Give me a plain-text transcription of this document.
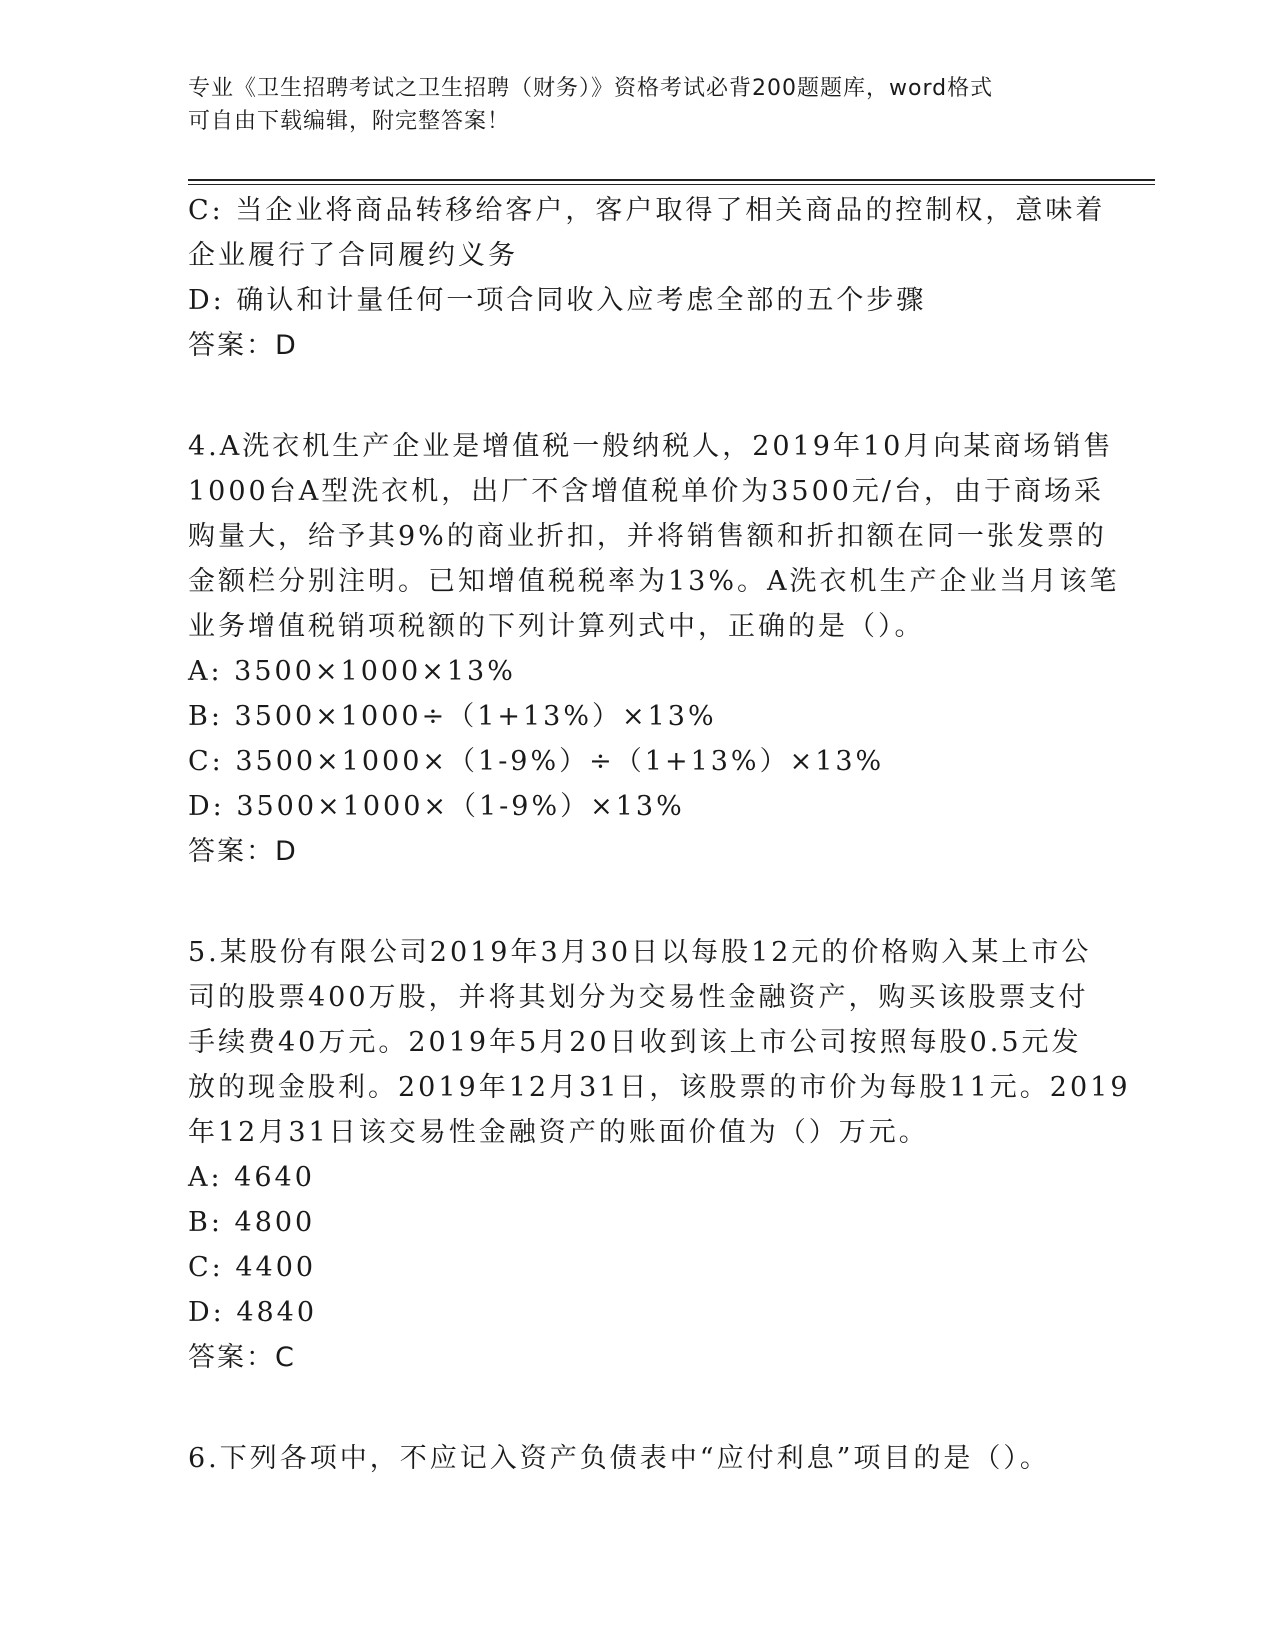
专业《卫生招聘考试之卫生招聘（财务）》资格考试必背200题题库，word格式
可自由下载编辑，附完整答案！
C: 当企业将商品转移给客户，客户取得了相关商品的控制权，意味着
企业履行了合同履约义务
D: 确认和计量任何一项合同收入应考虑全部的五个步骤
答案：D
4.A洗衣机生产企业是增值税一般纳税人，2019年10月向某商场销售
1000台A型洗衣机，出厂不含增值税单价为3500元/台，由于商场采
购量大，给予其9%的商业折扣，并将销售额和折扣额在同一张发票的
金额栏分别注明。已知增值税税率为13%。A洗衣机生产企业当月该笔
业务增值税销项税额的下列计算列式中，正确的是（）。
A: 3500×1000×13%
B: 3500×1000÷（1+13%）×13%
C: 3500×1000×（1-9%）÷（1+13%）×13%
D: 3500×1000×（1-9%）×13%
答案：D
5.某股份有限公司2019年3月30日以每股12元的价格购入某上市公
司的股票400万股，并将其划分为交易性金融资产，购买该股票支付
手续费40万元。2019年5月20日收到该上市公司按照每股0.5元发
放的现金股利。2019年12月31日，该股票的市价为每股11元。2019
年12月31日该交易性金融资产的账面价值为（）万元。
A: 4640
B: 4800
C: 4400
D: 4840
答案：C
6.下列各项中，不应记入资产负债表中“应付利息”项目的是（）。
